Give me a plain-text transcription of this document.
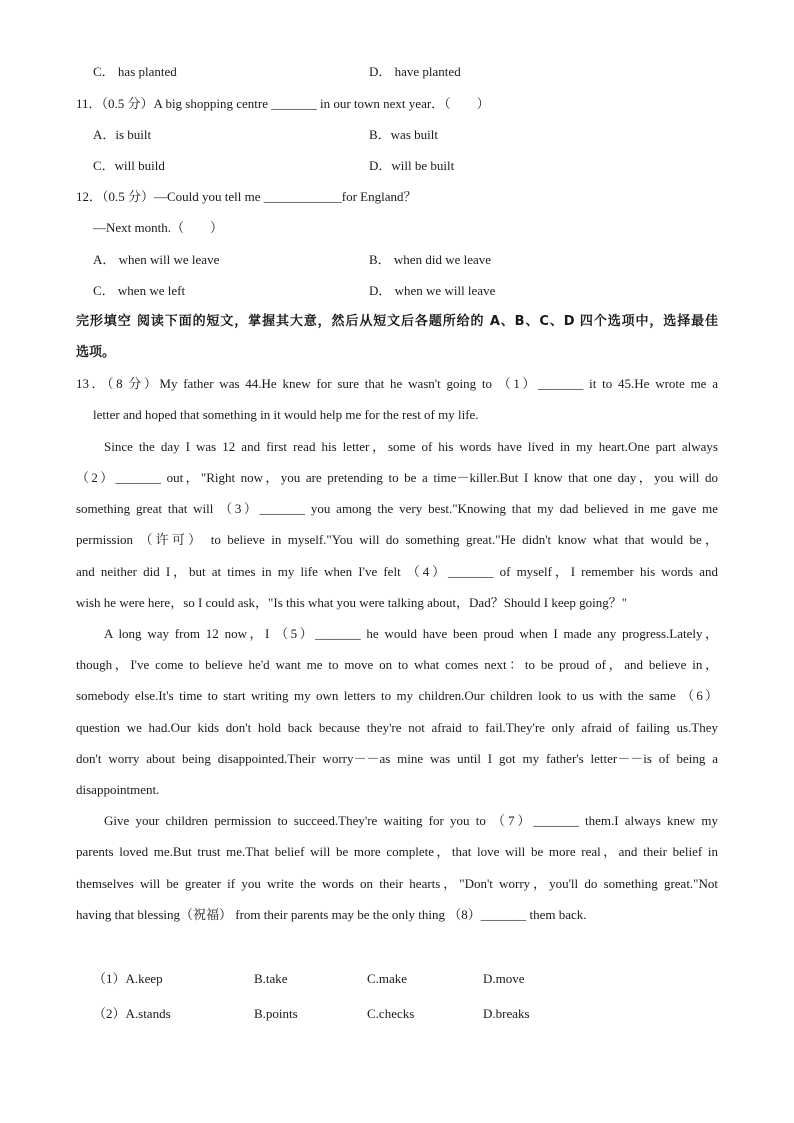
C． has planted	D． have planted
11．（0.5 分）A big shopping centre _______ in our town next year．（　　）
A．is built	B．was built
C．will build	D．will be built
12．（0.5 分）—Could you tell me ____________for England？
—Next month.（　　）
A． when will we leave	B． when did we leave
C． when we left	D． when we will leave
完形填空 阅读下面的短文，掌握其大意，然后从短文后各题所给的 A、B、C、D 四个选项中，选择最佳
选项。
13．（8 分）My father was 44.He knew for sure that he wasn't going to （1）_______ it to 45.He wrote me a
letter and hoped that something in it would help me for the rest of my life.
Since the day I was 12 and first read his letter，some of his words have lived in my heart.One part always
（2）_______ out，"Right now，you are pretending to be a time－killer.But I know that one day，you will do
something great that will （3）_______ you among the very best."Knowing that my dad believed in me gave me
permission （许可） to believe in myself."You will do something great."He didn't know what that would be，
and neither did I，but at times in my life when I've felt （4）_______ of myself，I remember his words and
wish he were here，so I could ask，"Is this what you were talking about，Dad？Should I keep going？"
A long way from 12 now，I （5）_______ he would have been proud when I made any progress.Lately，
though，I've come to believe he'd want me to move on to what comes next：to be proud of，and believe in，
somebody else.It's time to start writing my own letters to my children.Our children look to us with the same （6）
question we had.Our kids don't hold back because they're not afraid to fail.They're only afraid of failing us.They
don't worry about being disappointed.Their worry－－as mine was until I got my father's letter－－is of being a
disappointment.
Give your children permission to succeed.They're waiting for you to （7）_______ them.I always knew my
parents loved me.But trust me.That belief will be more complete，that love will be more real，and their belief in
themselves will be greater if you write the words on their hearts，"Don't worry，you'll do something great."Not
having that blessing（祝福） from their parents may be the only thing （8）_______ them back.
（1）A.keep	B.take	C.make	D.move
（2）A.stands	B.points	C.checks	D.breaks
